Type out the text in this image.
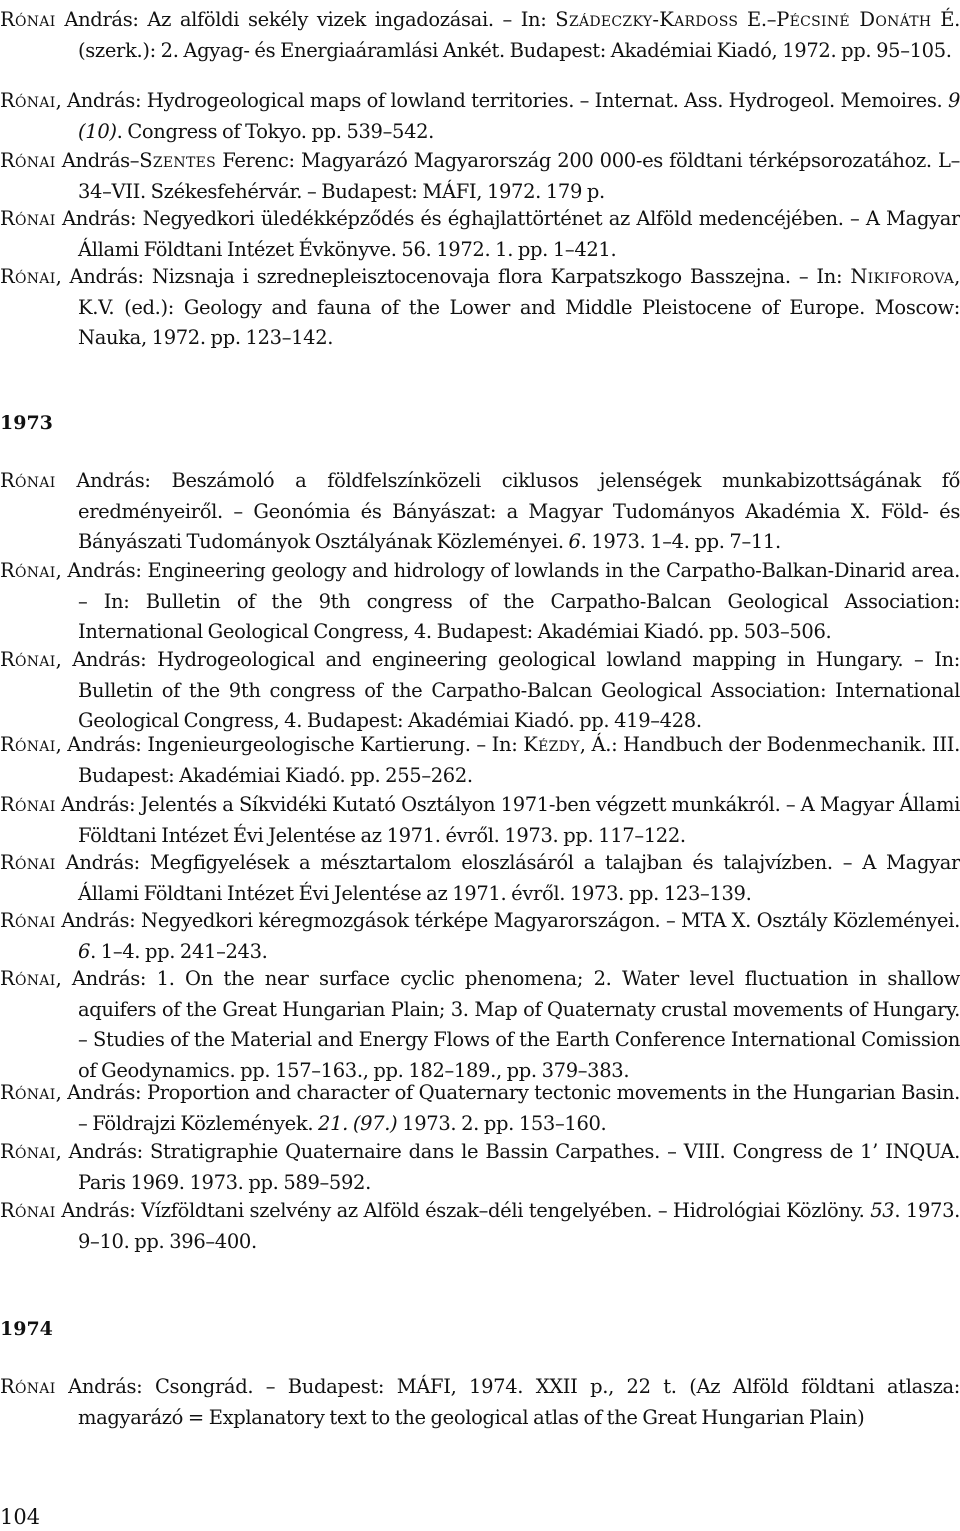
Rónai András: Az alföldi sekély vizek ingadozásai. – In: Szádeczky-Kardoss E.–Pécsiné Donáth É. (szerk.): 2. Agyag- és Energiaáramlási Ankét. Budapest: Akadémiai Kiadó, 1972. pp. 95–105.
Rónai, András: Hydrogeological maps of lowland territories. – Internat. Ass. Hydrogeol. Memoires. 9 (10). Congress of Tokyo. pp. 539–542.
Rónai András–Szentes Ferenc: Magyarázó Magyarország 200 000-es földtani térképsorozatához. L–34–VII. Székesfehérvár. – Budapest: MÁFI, 1972. 179 p.
Rónai András: Negyedkori üledékképződés és éghajlattörténet az Alföld medencéjében. – A Magyar Állami Földtani Intézet Évkönyve. 56. 1972. 1. pp. 1–421.
Rónai, András: Nizsnaja i szrednepleisztocenovaja flora Karpatszkogo Basszejna. – In: Nikiforova, K.V. (ed.): Geology and fauna of the Lower and Middle Pleistocene of Europe. Moscow: Nauka, 1972. pp. 123–142.
1973
Rónai András: Beszámoló a földfelszínközeli ciklusos jelenségek munkabizottságának fő eredményeiről. – Geonómia és Bányászat: a Magyar Tudományos Akadémia X. Föld- és Bányászati Tudományok Osztályának Közleményei. 6. 1973. 1–4. pp. 7–11.
Rónai, András: Engineering geology and hidrology of lowlands in the Carpatho-Balkan-Dinarid area. – In: Bulletin of the 9th congress of the Carpatho-Balcan Geological Association: International Geological Congress, 4. Budapest: Akadémiai Kiadó. pp. 503–506.
Rónai, András: Hydrogeological and engineering geological lowland mapping in Hungary. – In: Bulletin of the 9th congress of the Carpatho-Balcan Geological Association: International Geological Congress, 4. Budapest: Akadémiai Kiadó. pp. 419–428.
Rónai, András: Ingenieurgeologische Kartierung. – In: Kézdy, Á.: Handbuch der Bodenmechanik. III. Budapest: Akadémiai Kiadó. pp. 255–262.
Rónai András: Jelentés a Síkvidéki Kutató Osztályon 1971-ben végzett munkákról. – A Magyar Állami Földtani Intézet Évi Jelentése az 1971. évről. 1973. pp. 117–122.
Rónai András: Megfigyelések a mésztartalom eloszlásáról a talajban és talajvízben. – A Magyar Állami Földtani Intézet Évi Jelentése az 1971. évről. 1973. pp. 123–139.
Rónai András: Negyedkori kéregmozgások térképe Magyarországon. – MTA X. Osztály Közleményei. 6. 1–4. pp. 241–243.
Rónai, András: 1. On the near surface cyclic phenomena; 2. Water level fluctuation in shallow aquifers of the Great Hungarian Plain; 3. Map of Quaternaty crustal movements of Hungary. – Studies of the Material and Energy Flows of the Earth Conference International Comission of Geodynamics. pp. 157–163., pp. 182–189., pp. 379–383.
Rónai, András: Proportion and character of Quaternary tectonic movements in the Hungarian Basin. – Földrajzi Közlemények. 21. (97.) 1973. 2. pp. 153–160.
Rónai, András: Stratigraphie Quaternaire dans le Bassin Carpathes. – VIII. Congress de 1’ INQUA. Paris 1969. 1973. pp. 589–592.
Rónai András: Vízföldtani szelvény az Alföld észak–déli tengelyében. – Hidrológiai Közlöny. 53. 1973. 9–10. pp. 396–400.
1974
Rónai András: Csongrád. – Budapest: MÁFI, 1974. XXII p., 22 t. (Az Alföld földtani atlasza: magyarázó = Explanatory text to the geological atlas of the Great Hungarian Plain)
104
